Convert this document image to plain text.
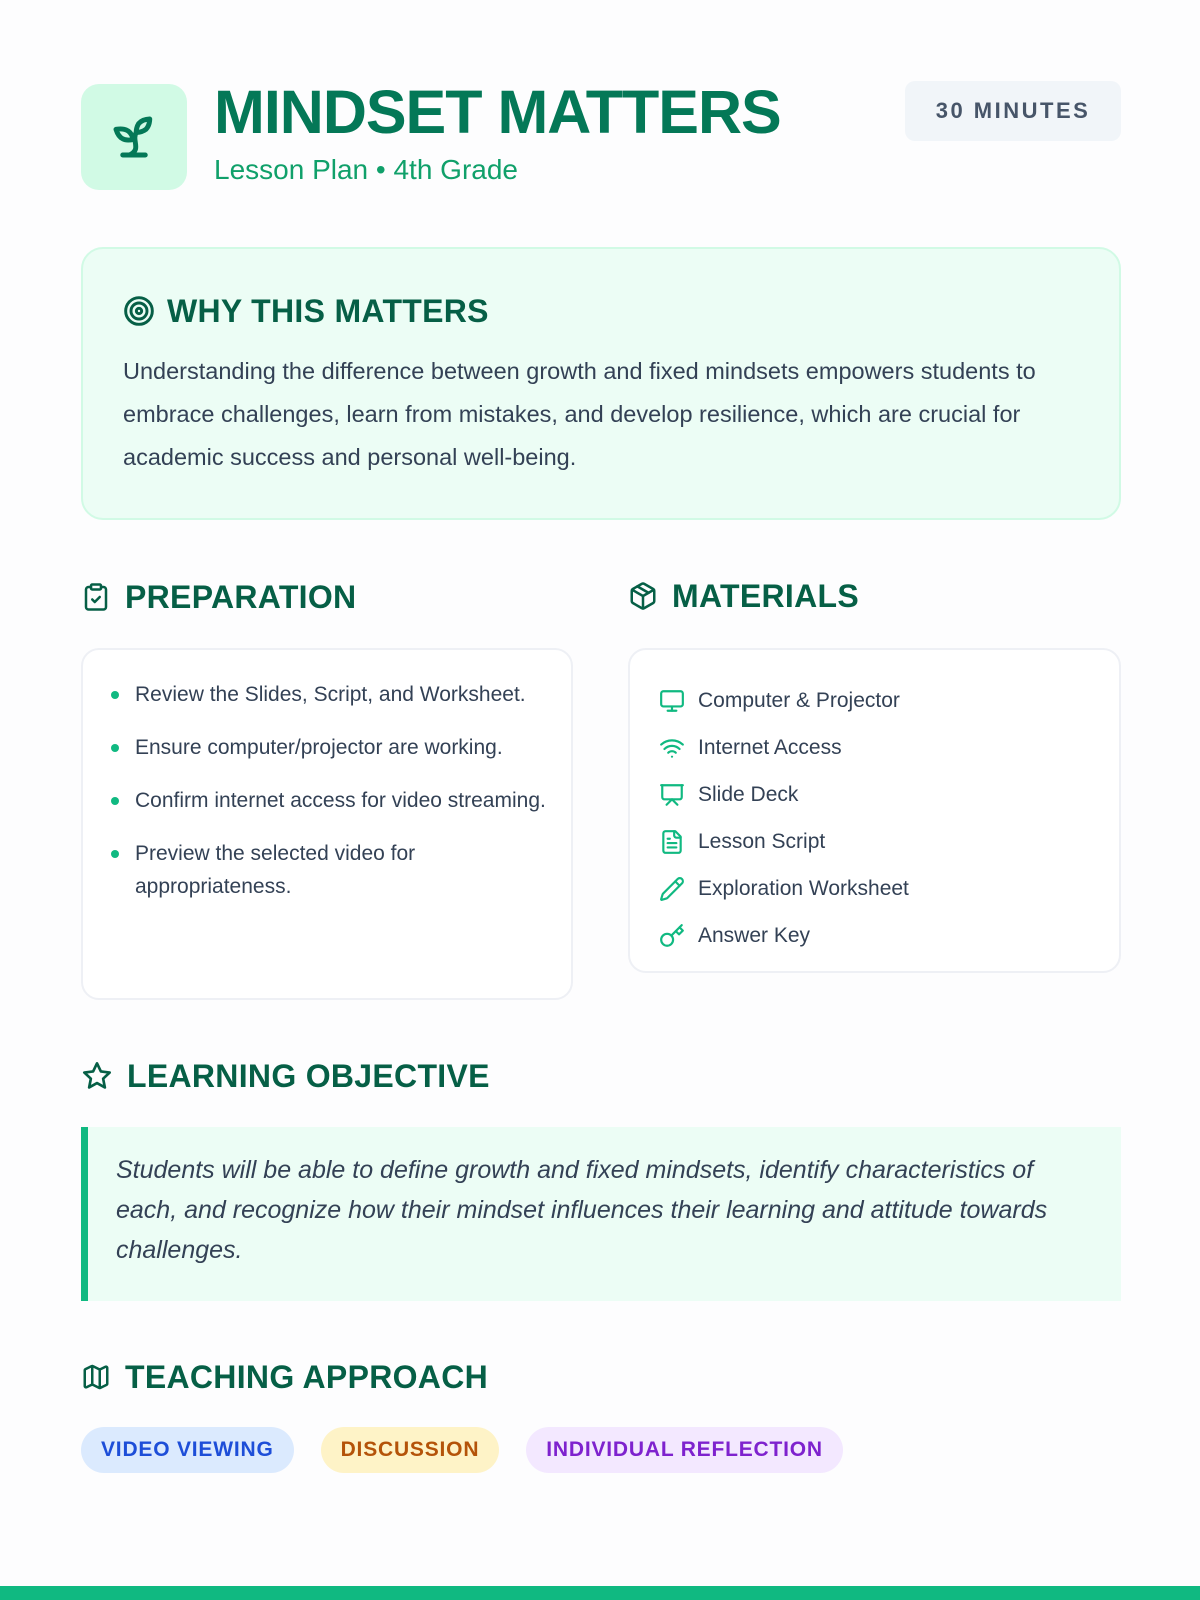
MINDSET MATTERS
Lesson Plan • 4th Grade
30 MINUTES
WHY THIS MATTERS

Understanding the difference between growth and fixed mindsets empowers students to embrace challenges, learn from mistakes, and develop resilience, which are crucial for academic success and personal well-being.

PREPARATION
Review the Slides, Script, and Worksheet.
Ensure computer/projector are working.
Confirm internet access for video streaming.
Preview the selected video for appropriateness.
MATERIALS
Computer & Projector
Internet Access
Slide Deck
Lesson Script
Exploration Worksheet
Answer Key
LEARNING OBJECTIVE

Students will be able to define growth and fixed mindsets, identify characteristics of each, and recognize how their mindset influences their learning and attitude towards challenges.

TEACHING APPROACH
VIDEO VIEWING	DISCUSSION	INDIVIDUAL REFLECTION
